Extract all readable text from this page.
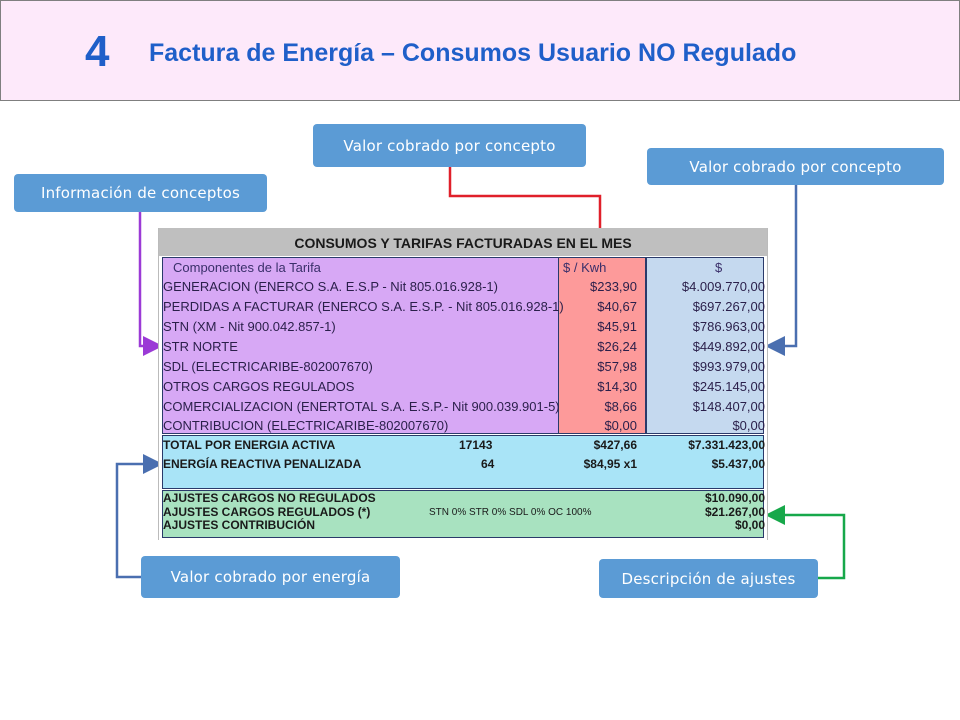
4 Factura de Energía – Consumos Usuario NO Regulado
CONSUMOS Y TARIFAS FACTURADAS EN EL MES
Componentes de la Tarifa	$ / Kwh	$
GENERACION (ENERCO S.A. E.S.P - Nit 805.016.928-1)	$233,90	$4.009.770,00
PERDIDAS A FACTURAR (ENERCO S.A. E.S.P. - Nit 805.016.928-1)	$40,67	$697.267,00
STN (XM - Nit 900.042.857-1)	$45,91	$786.963,00
STR NORTE	$26,24	$449.892,00
SDL (ELECTRICARIBE-802007670)	$57,98	$993.979,00
OTROS CARGOS REGULADOS	$14,30	$245.145,00
COMERCIALIZACION (ENERTOTAL S.A. E.S.P.- Nit 900.039.901-5)	$8,66	$148.407,00
CONTRIBUCION (ELECTRICARIBE-802007670)	$0,00	$0,00
TOTAL POR ENERGIA ACTIVA	17143	$427,66	$7.331.423,00
ENERGÍA REACTIVA PENALIZADA	64	$84,95 x1	$5.437,00
AJUSTES CARGOS NO REGULADOS	$10.090,00
AJUSTES CARGOS REGULADOS (*)	STN 0% STR 0% SDL 0% OC 100%	$21.267,00
AJUSTES CONTRIBUCIÓN	$0,00
Información de conceptos
Valor cobrado por concepto
Valor cobrado por concepto
Valor cobrado por energía	Descripción de ajustes
